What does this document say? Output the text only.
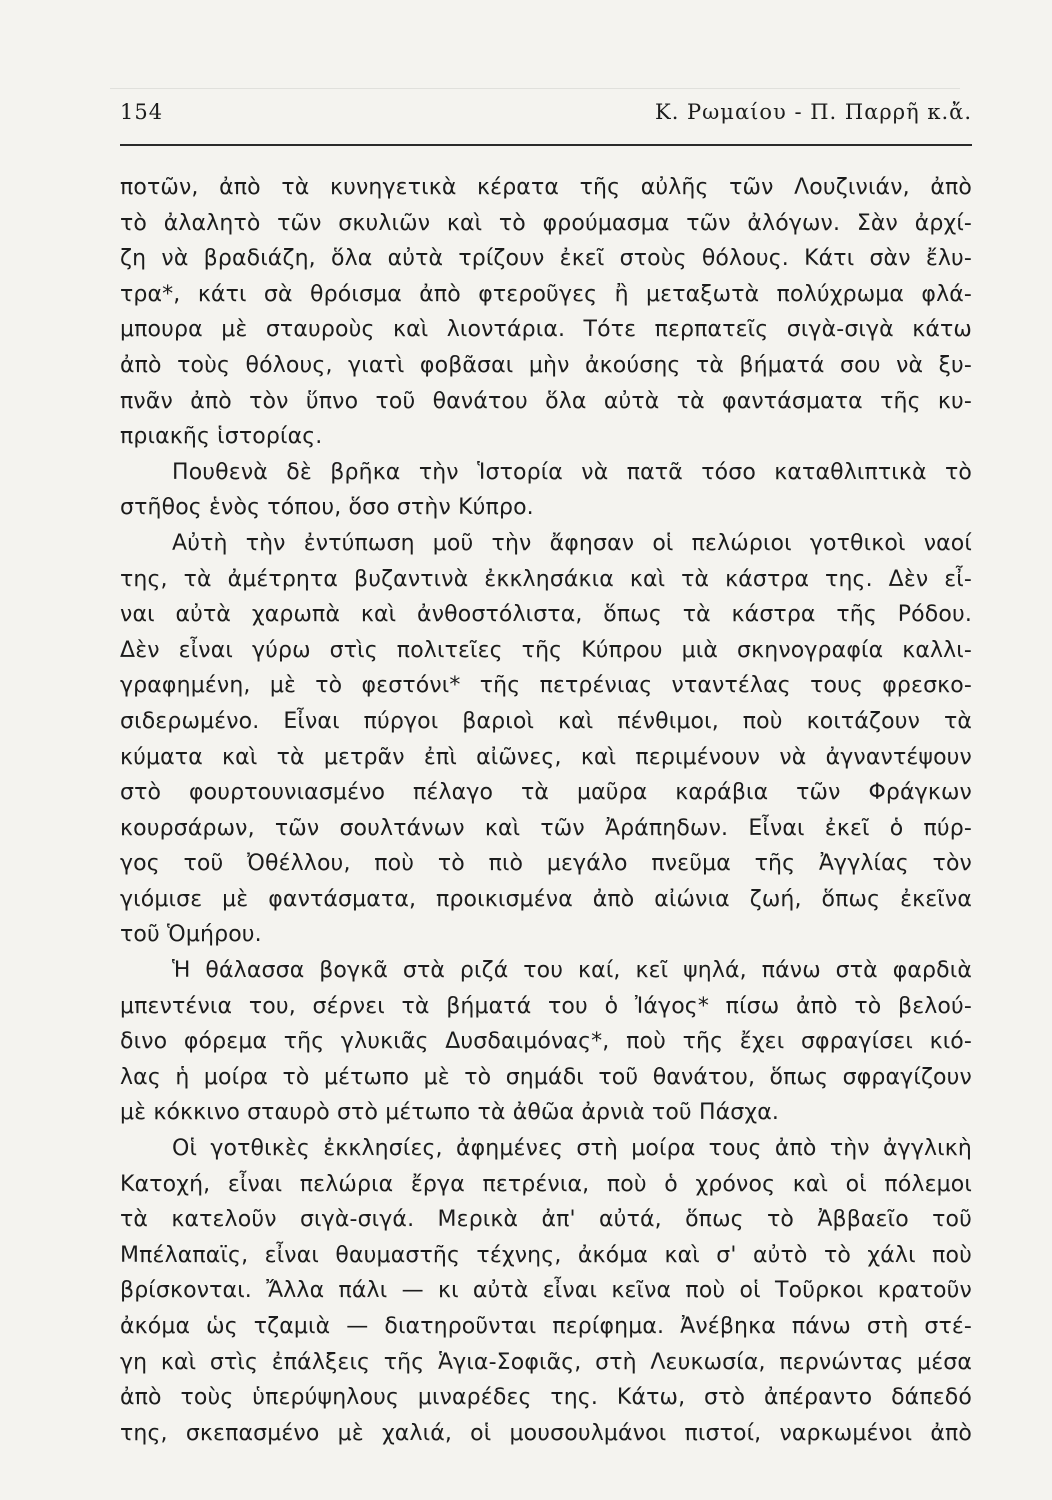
154	Κ. Ρωμαίου - Π. Παρρῆ κ.ἄ.
ποτῶν, ἀπὸ τὰ κυνηγετικὰ κέρατα τῆς αὐλῆς τῶν Λουζινιάν, ἀπὸ
τὸ ἀλαλητὸ τῶν σκυλιῶν καὶ τὸ φρούμασμα τῶν ἀλόγων. Σὰν ἀρχί-
ζη νὰ βραδιάζη, ὅλα αὐτὰ τρίζουν ἐκεῖ στοὺς θόλους. Κάτι σὰν ἔλυ-
τρα*, κάτι σὰ θρόισμα ἀπὸ φτεροῦγες ἢ μεταξωτὰ πολύχρωμα φλά-
μπουρα μὲ σταυροὺς καὶ λιοντάρια. Τότε περπατεῖς σιγὰ-σιγὰ κάτω
ἀπὸ τοὺς θόλους, γιατὶ φοβᾶσαι μὴν ἀκούσης τὰ βήματά σου νὰ ξυ-
πνᾶν ἀπὸ τὸν ὕπνο τοῦ θανάτου ὅλα αὐτὰ τὰ φαντάσματα τῆς κυ-
πριακῆς ἱστορίας.
Πουθενὰ δὲ βρῆκα τὴν Ἱστορία νὰ πατᾶ τόσο καταθλιπτικὰ τὸ
στῆθος ἑνὸς τόπου, ὅσο στὴν Κύπρο.
Αὐτὴ τὴν ἐντύπωση μοῦ τὴν ἄφησαν οἱ πελώριοι γοτθικοὶ ναοί
της, τὰ ἀμέτρητα βυζαντινὰ ἐκκλησάκια καὶ τὰ κάστρα της. Δὲν εἶ-
ναι αὐτὰ χαρωπὰ καὶ ἀνθοστόλιστα, ὅπως τὰ κάστρα τῆς Ρόδου.
Δὲν εἶναι γύρω στὶς πολιτεῖες τῆς Κύπρου μιὰ σκηνογραφία καλλι-
γραφημένη, μὲ τὸ φεστόνι* τῆς πετρένιας νταντέλας τους φρεσκο-
σιδερωμένο. Εἶναι πύργοι βαριοὶ καὶ πένθιμοι, ποὺ κοιτάζουν τὰ
κύματα καὶ τὰ μετρᾶν ἐπὶ αἰῶνες, καὶ περιμένουν νὰ ἀγναντέψουν
στὸ φουρτουνιασμένο πέλαγο τὰ μαῦρα καράβια τῶν Φράγκων
κουρσάρων, τῶν σουλτάνων καὶ τῶν Ἀράπηδων. Εἶναι ἐκεῖ ὁ πύρ-
γος τοῦ Ὀθέλλου, ποὺ τὸ πιὸ μεγάλο πνεῦμα τῆς Ἀγγλίας τὸν
γιόμισε μὲ φαντάσματα, προικισμένα ἀπὸ αἰώνια ζωή, ὅπως ἐκεῖνα
τοῦ Ὁμήρου.
Ἡ θάλασσα βογκᾶ στὰ ριζά του καί, κεῖ ψηλά, πάνω στὰ φαρδιὰ
μπεντένια του, σέρνει τὰ βήματά του ὁ Ἰάγος* πίσω ἀπὸ τὸ βελού-
δινο φόρεμα τῆς γλυκιᾶς Δυσδαιμόνας*, ποὺ τῆς ἔχει σφραγίσει κιό-
λας ἡ μοίρα τὸ μέτωπο μὲ τὸ σημάδι τοῦ θανάτου, ὅπως σφραγίζουν
μὲ κόκκινο σταυρὸ στὸ μέτωπο τὰ ἀθῶα ἀρνιὰ τοῦ Πάσχα.
Οἱ γοτθικὲς ἐκκλησίες, ἀφημένες στὴ μοίρα τους ἀπὸ τὴν ἀγγλικὴ
Κατοχή, εἶναι πελώρια ἔργα πετρένια, ποὺ ὁ χρόνος καὶ οἱ πόλεμοι
τὰ κατελοῦν σιγὰ-σιγά. Μερικὰ ἀπ' αὐτά, ὅπως τὸ Ἀββαεῖο τοῦ
Μπέλαπαϊς, εἶναι θαυμαστῆς τέχνης, ἀκόμα καὶ σ' αὐτὸ τὸ χάλι ποὺ
βρίσκονται. Ἄλλα πάλι — κι αὐτὰ εἶναι κεῖνα ποὺ οἱ Τοῦρκοι κρατοῦν
ἀκόμα ὡς τζαμιὰ — διατηροῦνται περίφημα. Ἀνέβηκα πάνω στὴ στέ-
γη καὶ στὶς ἐπάλξεις τῆς Ἁγια-Σοφιᾶς, στὴ Λευκωσία, περνώντας μέσα
ἀπὸ τοὺς ὑπερύψηλους μιναρέδες της. Κάτω, στὸ ἀπέραντο δάπεδό
της, σκεπασμένο μὲ χαλιά, οἱ μουσουλμάνοι πιστοί, ναρκωμένοι ἀπὸ
